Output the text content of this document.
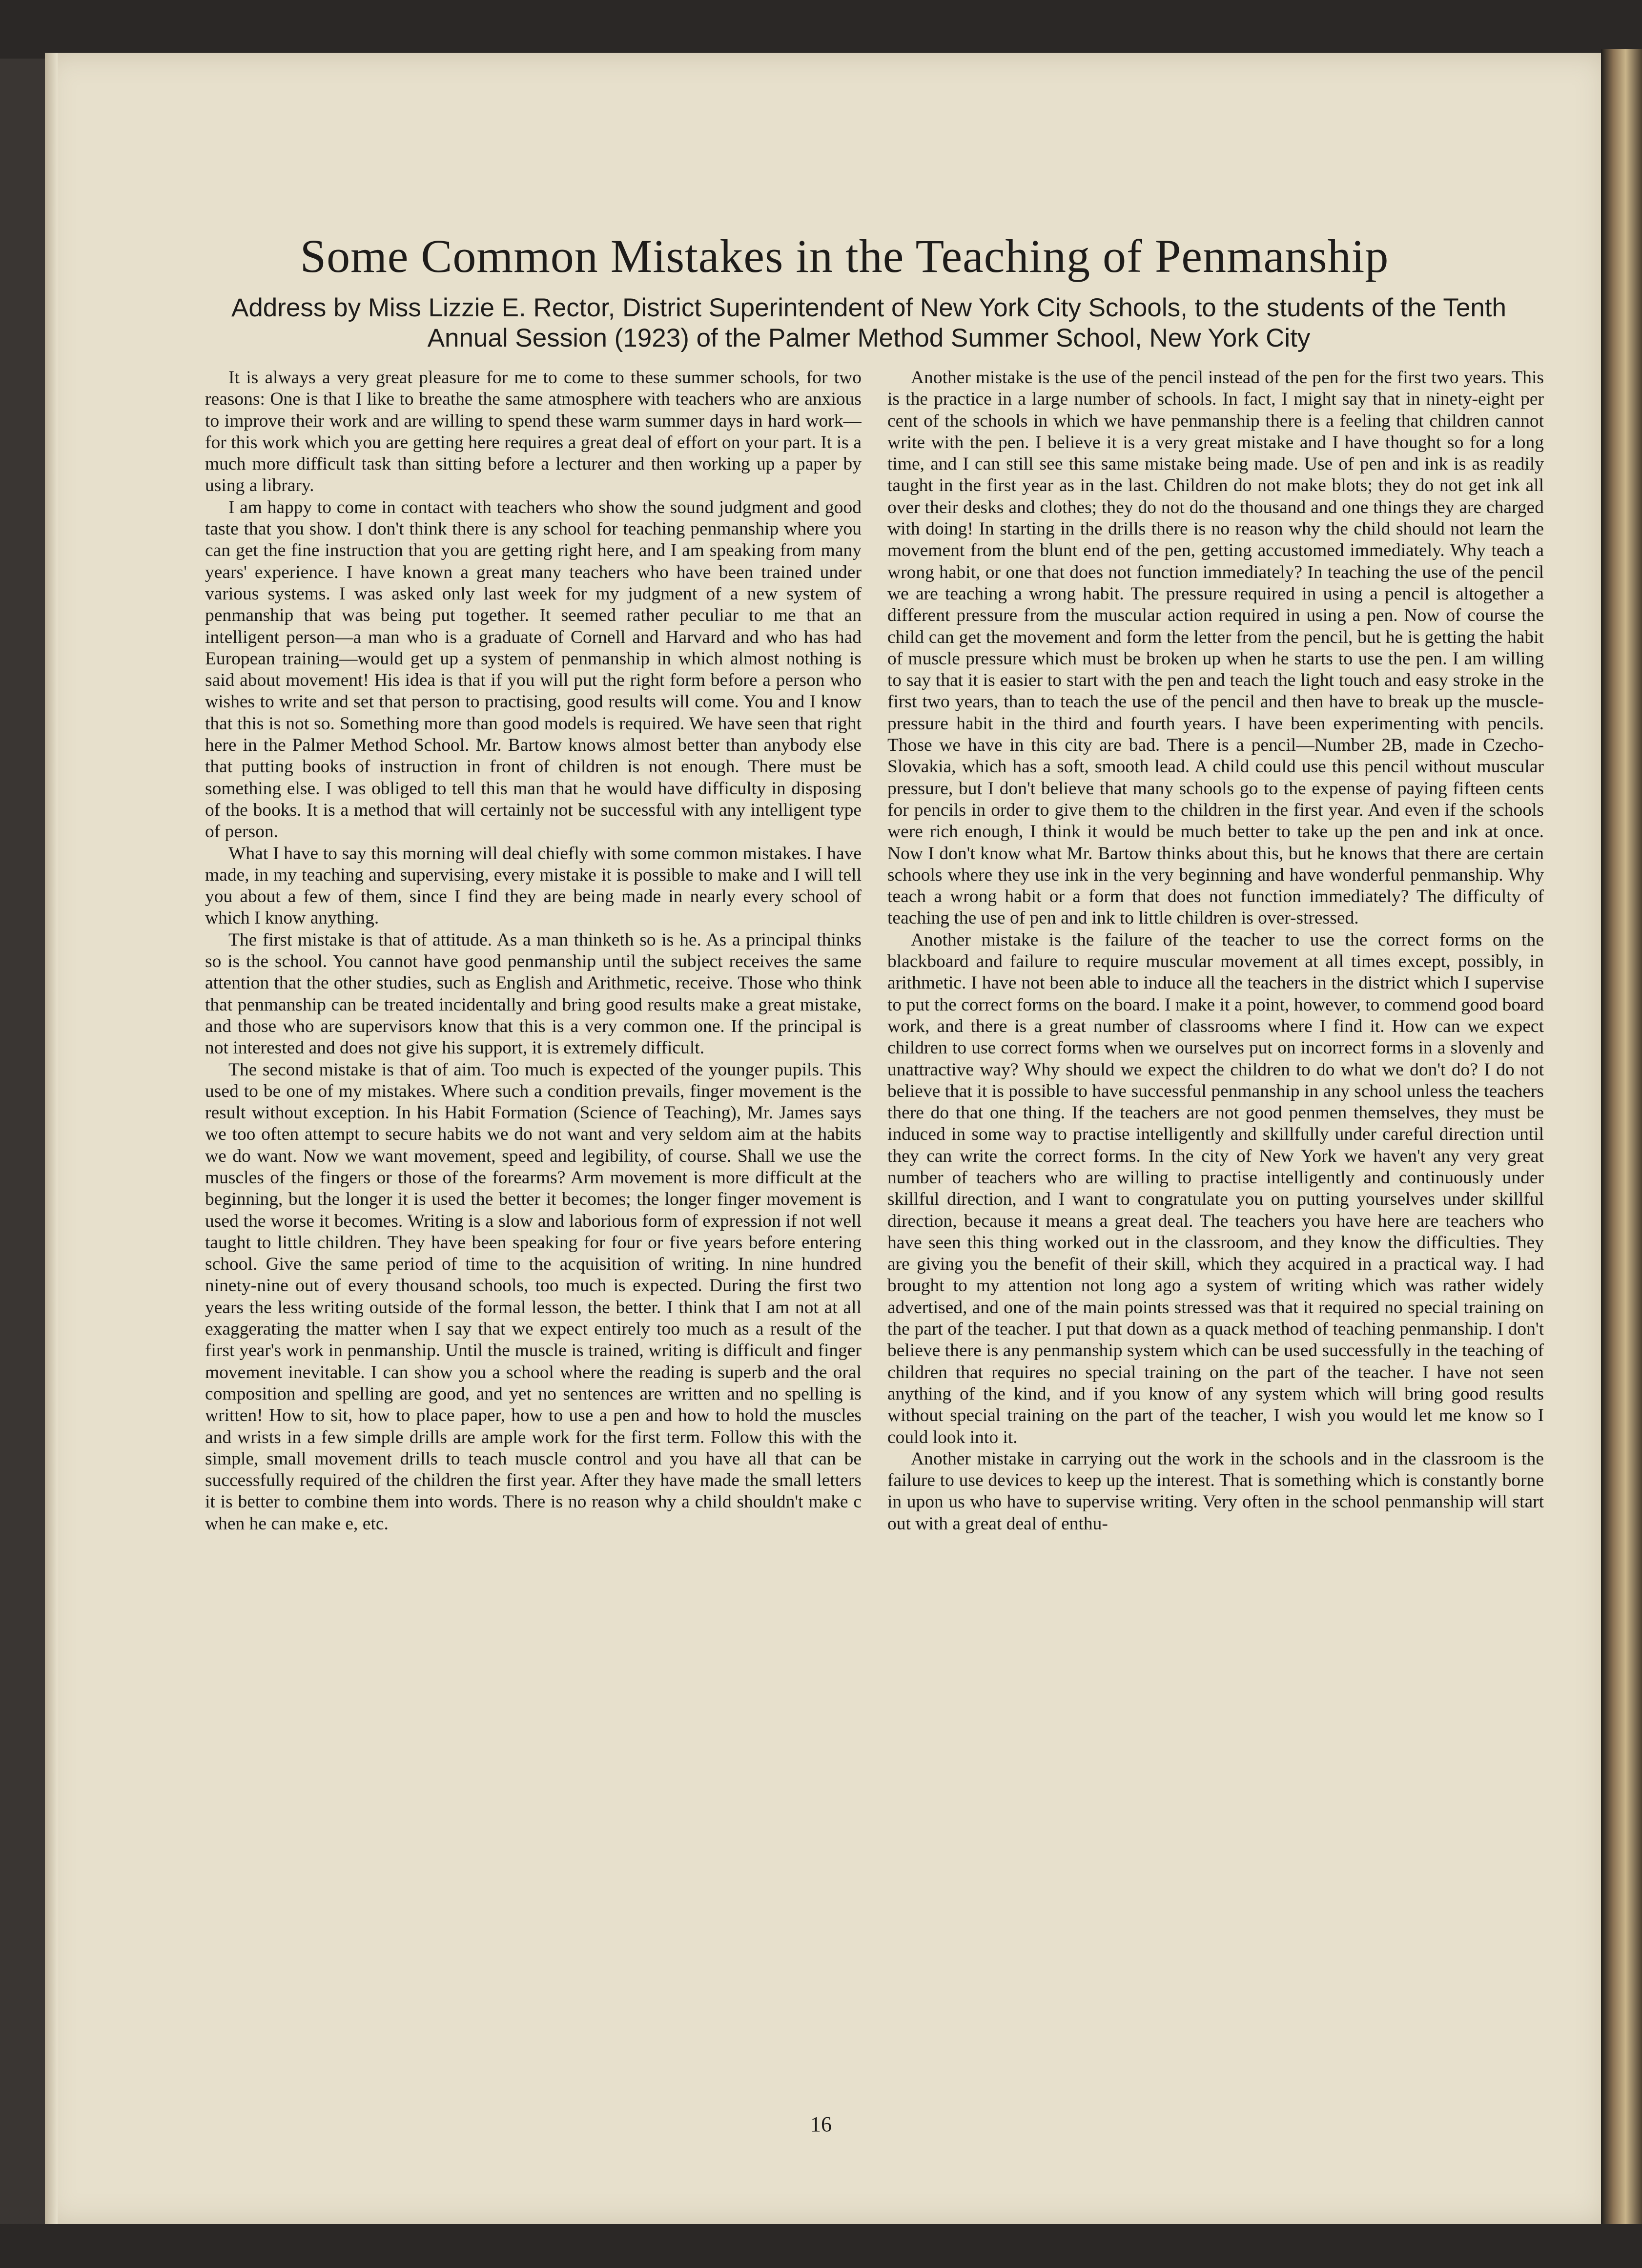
Some Common Mistakes in the Teaching of Penmanship
Address by Miss Lizzie E. Rector, District Superintendent of New York City Schools, to the students of the Tenth Annual Session (1923) of the Palmer Method Summer School, New York City

It is always a very great pleasure for me to come to these summer schools, for two reasons: One is that I like to breathe the same atmosphere with teachers who are anxious to improve their work and are willing to spend these warm summer days in hard work—for this work which you are getting here requires a great deal of effort on your part. It is a much more difficult task than sitting before a lecturer and then working up a paper by using a library.

I am happy to come in contact with teachers who show the sound judgment and good taste that you show. I don't think there is any school for teaching penmanship where you can get the fine instruction that you are getting right here, and I am speaking from many years' experience. I have known a great many teachers who have been trained under various systems. I was asked only last week for my judgment of a new system of penmanship that was being put together. It seemed rather peculiar to me that an intelligent person—a man who is a graduate of Cornell and Harvard and who has had European training—would get up a system of penmanship in which almost nothing is said about movement! His idea is that if you will put the right form before a person who wishes to write and set that person to practising, good results will come. You and I know that this is not so. Something more than good models is required. We have seen that right here in the Palmer Method School. Mr. Bartow knows almost better than anybody else that putting books of instruction in front of children is not enough. There must be something else. I was obliged to tell this man that he would have difficulty in disposing of the books. It is a method that will certainly not be successful with any intelligent type of person.

What I have to say this morning will deal chiefly with some common mistakes. I have made, in my teaching and supervising, every mistake it is possible to make and I will tell you about a few of them, since I find they are being made in nearly every school of which I know anything.

The first mistake is that of attitude. As a man thinketh so is he. As a principal thinks so is the school. You cannot have good penmanship until the subject receives the same attention that the other studies, such as English and Arithmetic, receive. Those who think that penmanship can be treated incidentally and bring good results make a great mistake, and those who are supervisors know that this is a very common one. If the principal is not interested and does not give his support, it is extremely difficult.

The second mistake is that of aim. Too much is expected of the younger pupils. This used to be one of my mistakes. Where such a condition prevails, finger movement is the result without exception. In his Habit Formation (Science of Teaching), Mr. James says we too often attempt to secure habits we do not want and very seldom aim at the habits we do want. Now we want movement, speed and legibility, of course. Shall we use the muscles of the fingers or those of the forearms? Arm movement is more difficult at the beginning, but the longer it is used the better it becomes; the longer finger movement is used the worse it becomes. Writing is a slow and laborious form of expression if not well taught to little children. They have been speaking for four or five years before entering school. Give the same period of time to the acquisition of writing. In nine hundred ninety-nine out of every thousand schools, too much is expected. During the first two years the less writing outside of the formal lesson, the better. I think that I am not at all exaggerating the matter when I say that we expect entirely too much as a result of the first year's work in penmanship. Until the muscle is trained, writing is difficult and finger movement inevitable. I can show you a school where the reading is superb and the oral composition and spelling are good, and yet no sentences are written and no spelling is written! How to sit, how to place paper, how to use a pen and how to hold the muscles and wrists in a few simple drills are ample work for the first term. Follow this with the simple, small movement drills to teach muscle control and you have all that can be successfully required of the children the first year. After they have made the small letters it is better to combine them into words. There is no reason why a child shouldn't make c when he can make e, etc.

Another mistake is the use of the pencil instead of the pen for the first two years. This is the practice in a large number of schools. In fact, I might say that in ninety-eight per cent of the schools in which we have penmanship there is a feeling that children cannot write with the pen. I believe it is a very great mistake and I have thought so for a long time, and I can still see this same mistake being made. Use of pen and ink is as readily taught in the first year as in the last. Children do not make blots; they do not get ink all over their desks and clothes; they do not do the thousand and one things they are charged with doing! In starting in the drills there is no reason why the child should not learn the movement from the blunt end of the pen, getting accustomed immediately. Why teach a wrong habit, or one that does not function immediately? In teaching the use of the pencil we are teaching a wrong habit. The pressure required in using a pencil is altogether a different pressure from the muscular action required in using a pen. Now of course the child can get the movement and form the letter from the pencil, but he is getting the habit of muscle pressure which must be broken up when he starts to use the pen. I am willing to say that it is easier to start with the pen and teach the light touch and easy stroke in the first two years, than to teach the use of the pencil and then have to break up the muscle-pressure habit in the third and fourth years. I have been experimenting with pencils. Those we have in this city are bad. There is a pencil—Number 2B, made in Czecho-Slovakia, which has a soft, smooth lead. A child could use this pencil without muscular pressure, but I don't believe that many schools go to the expense of paying fifteen cents for pencils in order to give them to the children in the first year. And even if the schools were rich enough, I think it would be much better to take up the pen and ink at once. Now I don't know what Mr. Bartow thinks about this, but he knows that there are certain schools where they use ink in the very beginning and have wonderful penmanship. Why teach a wrong habit or a form that does not function immediately? The difficulty of teaching the use of pen and ink to little children is over-stressed.

Another mistake is the failure of the teacher to use the correct forms on the blackboard and failure to require muscular movement at all times except, possibly, in arithmetic. I have not been able to induce all the teachers in the district which I supervise to put the correct forms on the board. I make it a point, however, to commend good board work, and there is a great number of classrooms where I find it. How can we expect children to use correct forms when we ourselves put on incorrect forms in a slovenly and unattractive way? Why should we expect the children to do what we don't do? I do not believe that it is possible to have successful penmanship in any school unless the teachers there do that one thing. If the teachers are not good penmen themselves, they must be induced in some way to practise intelligently and skillfully under careful direction until they can write the correct forms. In the city of New York we haven't any very great number of teachers who are willing to practise intelligently and continuously under skillful direction, and I want to congratulate you on putting yourselves under skillful direction, because it means a great deal. The teachers you have here are teachers who have seen this thing worked out in the classroom, and they know the difficulties. They are giving you the benefit of their skill, which they acquired in a practical way. I had brought to my attention not long ago a system of writing which was rather widely advertised, and one of the main points stressed was that it required no special training on the part of the teacher. I put that down as a quack method of teaching penmanship. I don't believe there is any penmanship system which can be used successfully in the teaching of children that requires no special training on the part of the teacher. I have not seen anything of the kind, and if you know of any system which will bring good results without special training on the part of the teacher, I wish you would let me know so I could look into it.

Another mistake in carrying out the work in the schools and in the classroom is the failure to use devices to keep up the interest. That is something which is constantly borne in upon us who have to supervise writing. Very often in the school penmanship will start out with a great deal of enthu-

16
